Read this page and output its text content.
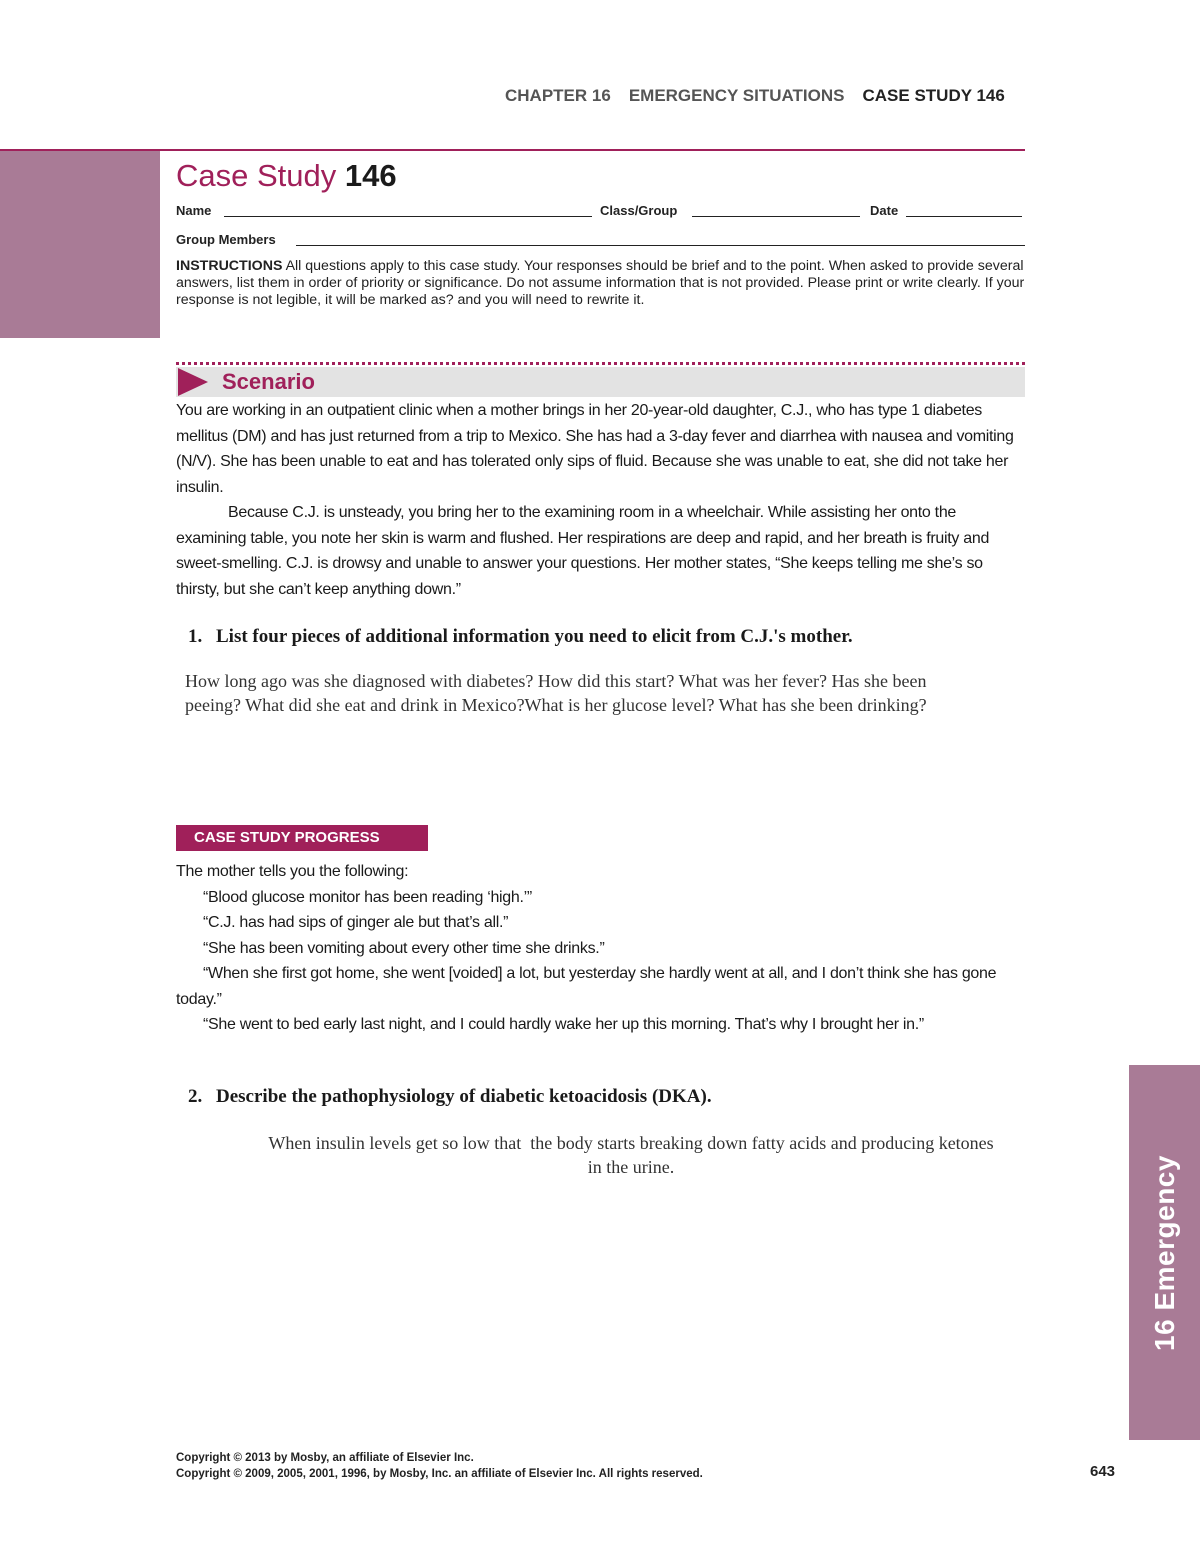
CHAPTER 16 EMERGENCY SITUATIONS CASE STUDY 146
Case Study 146
Name	Class/Group	Date
Group Members
INSTRUCTIONS All questions apply to this case study. Your responses should be brief and to the point. When asked to provide several answers, list them in order of priority or significance. Do not assume information that is not provided. Please print or write clearly. If your response is not legible, it will be marked as? and you will need to rewrite it.
Scenario
You are working in an outpatient clinic when a mother brings in her 20-year-old daughter, C.J., who has type 1 diabetes mellitus (DM) and has just returned from a trip to Mexico. She has had a 3-day fever and diarrhea with nausea and vomiting (N/V). She has been unable to eat and has tolerated only sips of fluid. Because she was unable to eat, she did not take her insulin.
Because C.J. is unsteady, you bring her to the examining room in a wheelchair. While assisting her onto the examining table, you note her skin is warm and flushed. Her respirations are deep and rapid, and her breath is fruity and sweet-smelling. C.J. is drowsy and unable to answer your questions. Her mother states, “She keeps telling me she’s so thirsty, but she can’t keep anything down.”
1. List four pieces of additional information you need to elicit from C.J.'s mother.
How long ago was she diagnosed with diabetes? How did this start? What was her fever? Has she been
peeing? What did she eat and drink in Mexico?What is her glucose level? What has she been drinking?
CASE STUDY PROGRESS
The mother tells you the following:
“Blood glucose monitor has been reading ‘high.’”
“C.J. has had sips of ginger ale but that’s all.”
“She has been vomiting about every other time she drinks.”
“When she first got home, she went [voided] a lot, but yesterday she hardly went at all, and I don’t think she has gone today.”
“She went to bed early last night, and I could hardly wake her up this morning. That’s why I brought her in.”
2. Describe the pathophysiology of diabetic ketoacidosis (DKA).
When insulin levels get so low that  the body starts breaking down fatty acids and producing ketones
in the urine.	16 Emergency
Copyright © 2013 by Mosby, an affiliate of Elsevier Inc.
Copyright © 2009, 2005, 2001, 1996, by Mosby, Inc. an affiliate of Elsevier Inc. All rights reserved.	643
